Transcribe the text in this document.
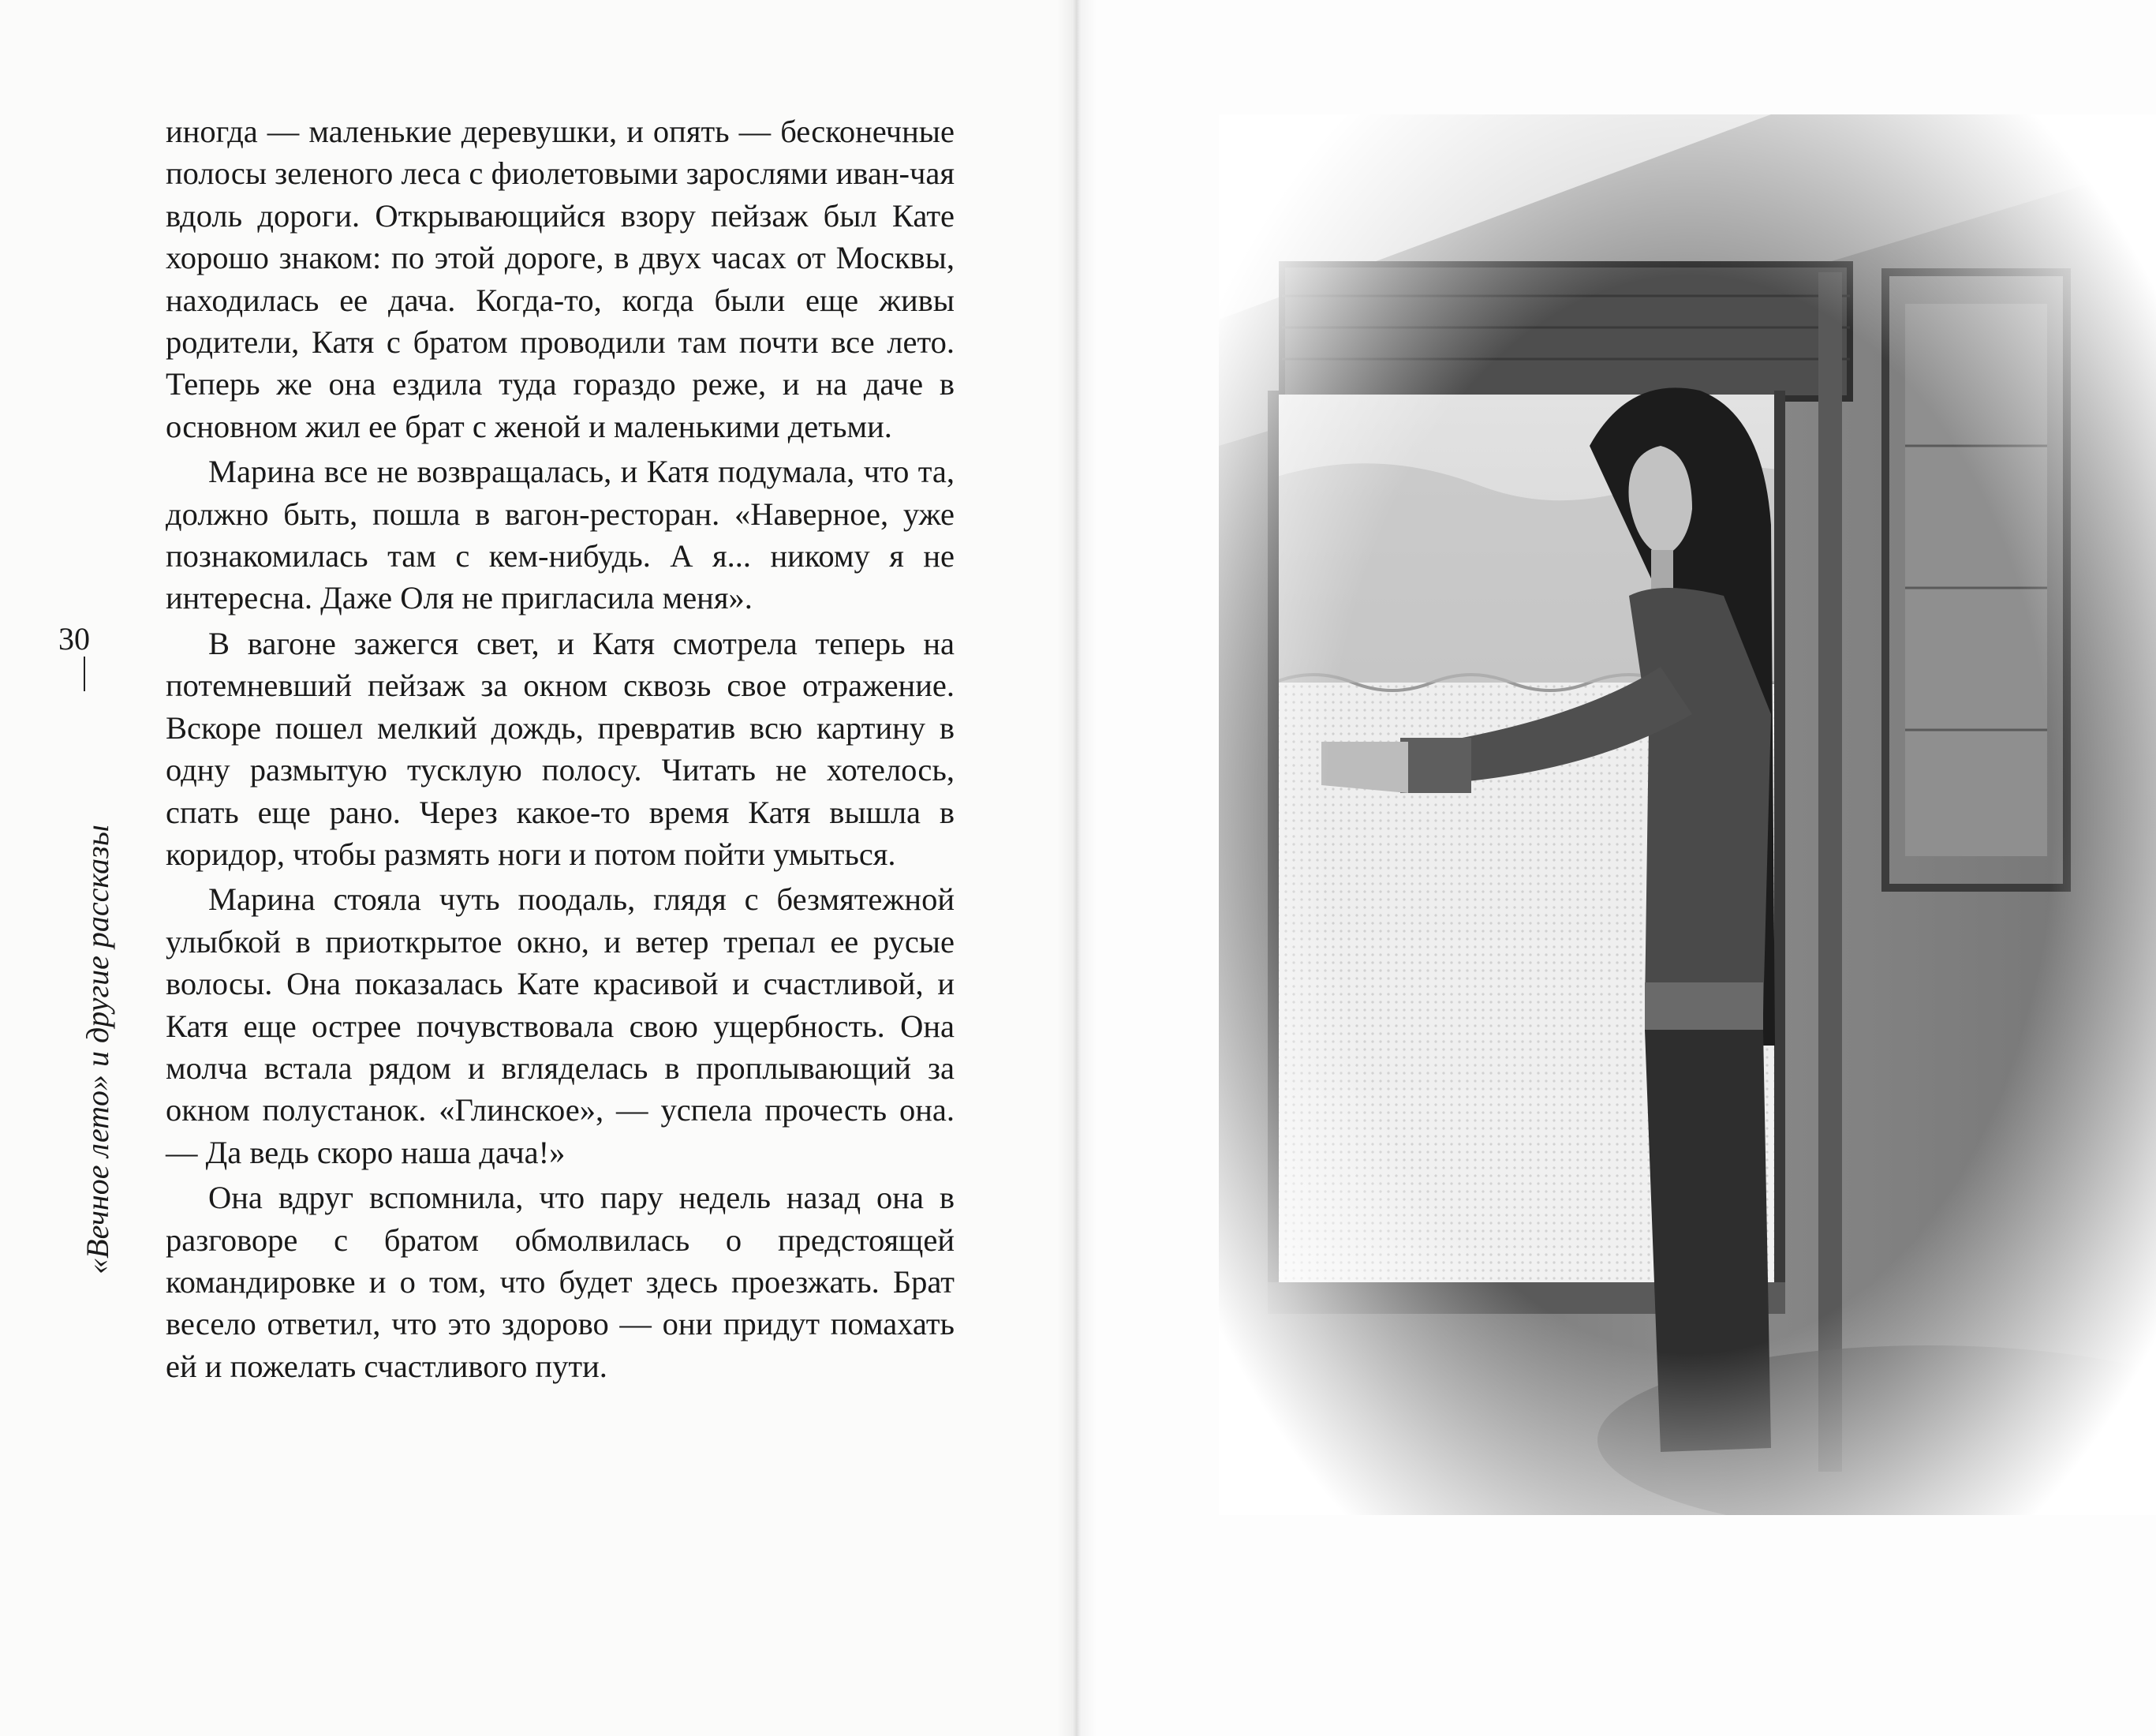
30
«Вечное лето» и другие рассказы

иногда — маленькие деревушки, и опять — бесконечные полосы зеленого леса с фиолетовыми зарослями иван-чая вдоль дороги. Открывающийся взору пейзаж был Кате хорошо знаком: по этой дороге, в двух часах от Москвы, находилась ее дача. Когда-то, когда были еще живы родители, Катя с братом проводили там почти все лето. Теперь же она ездила туда гораздо реже, и на даче в основном жил ее брат с женой и маленькими детьми.

Марина все не возвращалась, и Катя подумала, что та, должно быть, пошла в вагон-ресторан. «Наверное, уже познакомилась там с кем-нибудь. А я... никому я не интересна. Даже Оля не пригласила меня».

В вагоне зажегся свет, и Катя смотрела теперь на потемневший пейзаж за окном сквозь свое отражение. Вскоре пошел мелкий дождь, превратив всю картину в одну размытую тусклую полосу. Читать не хотелось, спать еще рано. Через какое-то время Катя вышла в коридор, чтобы размять ноги и потом пойти умыться.

Марина стояла чуть поодаль, глядя с безмятежной улыбкой в приоткрытое окно, и ветер трепал ее русые волосы. Она показалась Кате красивой и счастливой, и Катя еще острее почувствовала свою ущербность. Она молча встала рядом и вгляделась в проплывающий за окном полустанок. «Глинское», — успела прочесть она. — Да ведь скоро наша дача!»

Она вдруг вспомнила, что пару недель назад она в разговоре с братом обмолвилась о предстоящей командировке и о том, что будет здесь проезжать. Брат весело ответил, что это здорово — они придут помахать ей и пожелать счастливого пути.
